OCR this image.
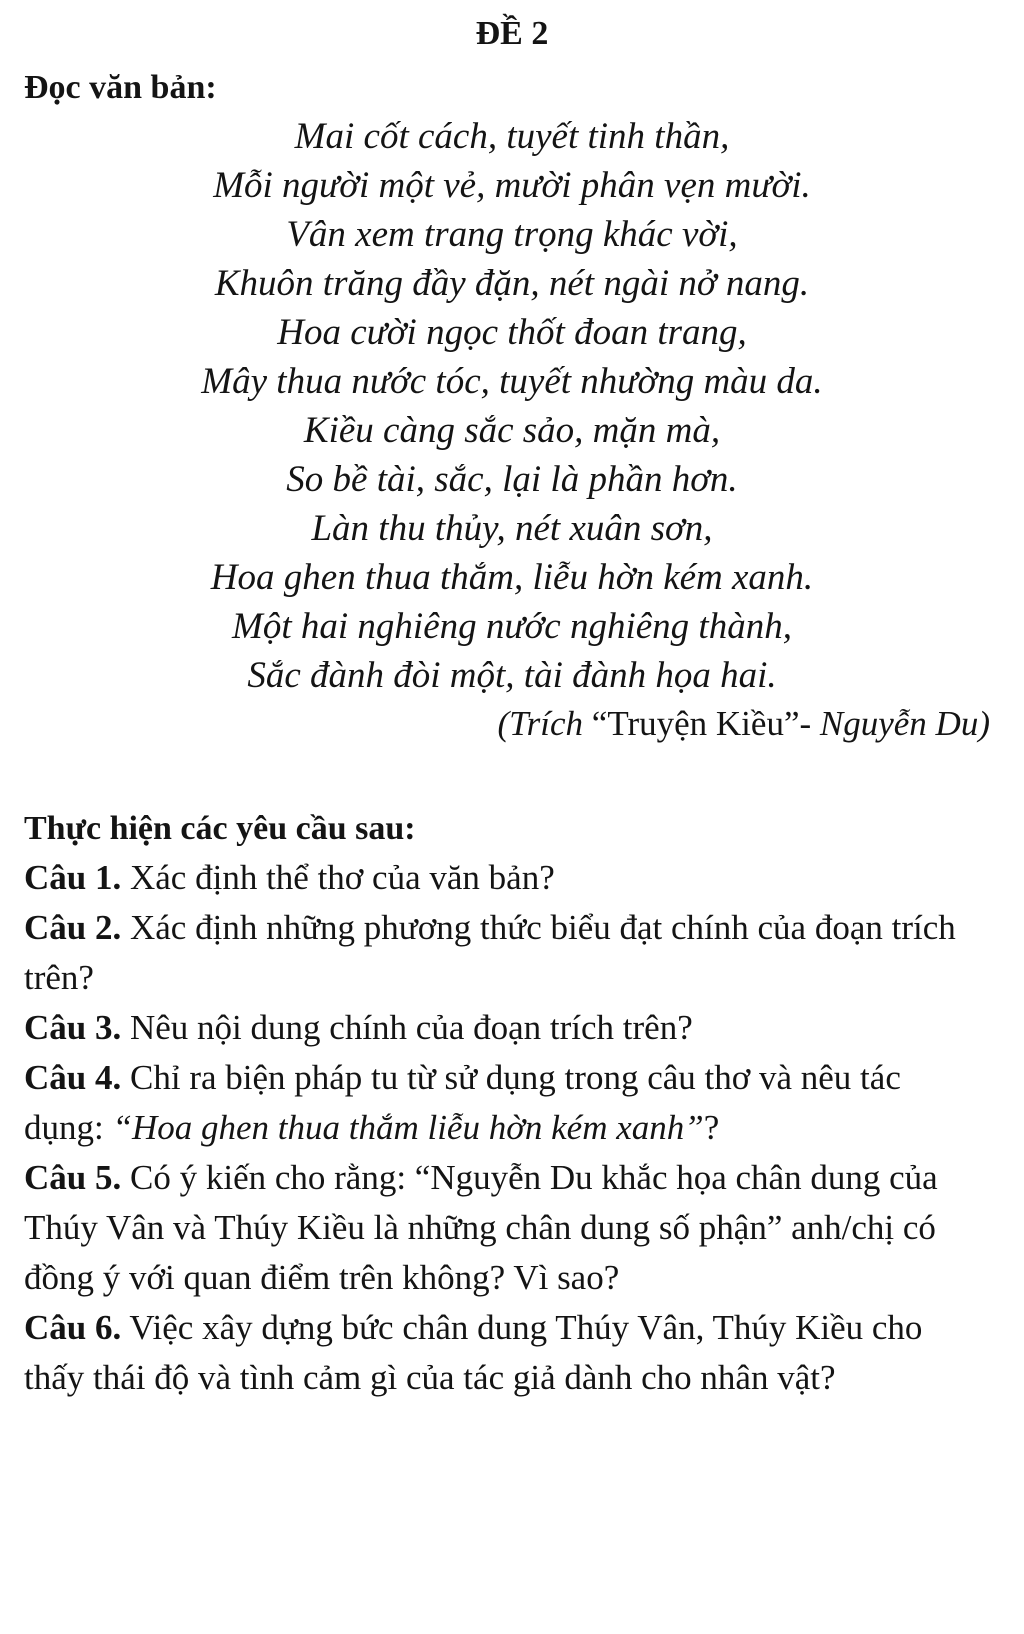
ĐỀ 2
Đọc văn bản:
Mai cốt cách, tuyết tinh thần,
Mỗi người một vẻ, mười phân vẹn mười.
Vân xem trang trọng khác vời,
Khuôn trăng đầy đặn, nét ngài nở nang.
Hoa cười ngọc thốt đoan trang,
Mây thua nước tóc, tuyết nhường màu da.
Kiều càng sắc sảo, mặn mà,
So bề tài, sắc, lại là phần hơn.
Làn thu thủy, nét xuân sơn,
Hoa ghen thua thắm, liễu hờn kém xanh.
Một hai nghiêng nước nghiêng thành,
Sắc đành đòi một, tài đành họa hai.
(Trích “Truyện Kiều”- Nguyễn Du)
Thực hiện các yêu cầu sau:

Câu 1. Xác định thể thơ của văn bản?

Câu 2. Xác định những phương thức biểu đạt chính của đoạn trích trên?

Câu 3. Nêu nội dung chính của đoạn trích trên?

Câu 4. Chỉ ra biện pháp tu từ sử dụng trong câu thơ và nêu tác dụng: “Hoa ghen thua thắm liễu hờn kém xanh”?

Câu 5. Có ý kiến cho rằng: “Nguyễn Du khắc họa chân dung của Thúy Vân và Thúy Kiều là những chân dung số phận” anh/chị có đồng ý với quan điểm trên không? Vì sao?

Câu 6. Việc xây dựng bức chân dung Thúy Vân, Thúy Kiều cho thấy thái độ và tình cảm gì của tác giả dành cho nhân vật?
